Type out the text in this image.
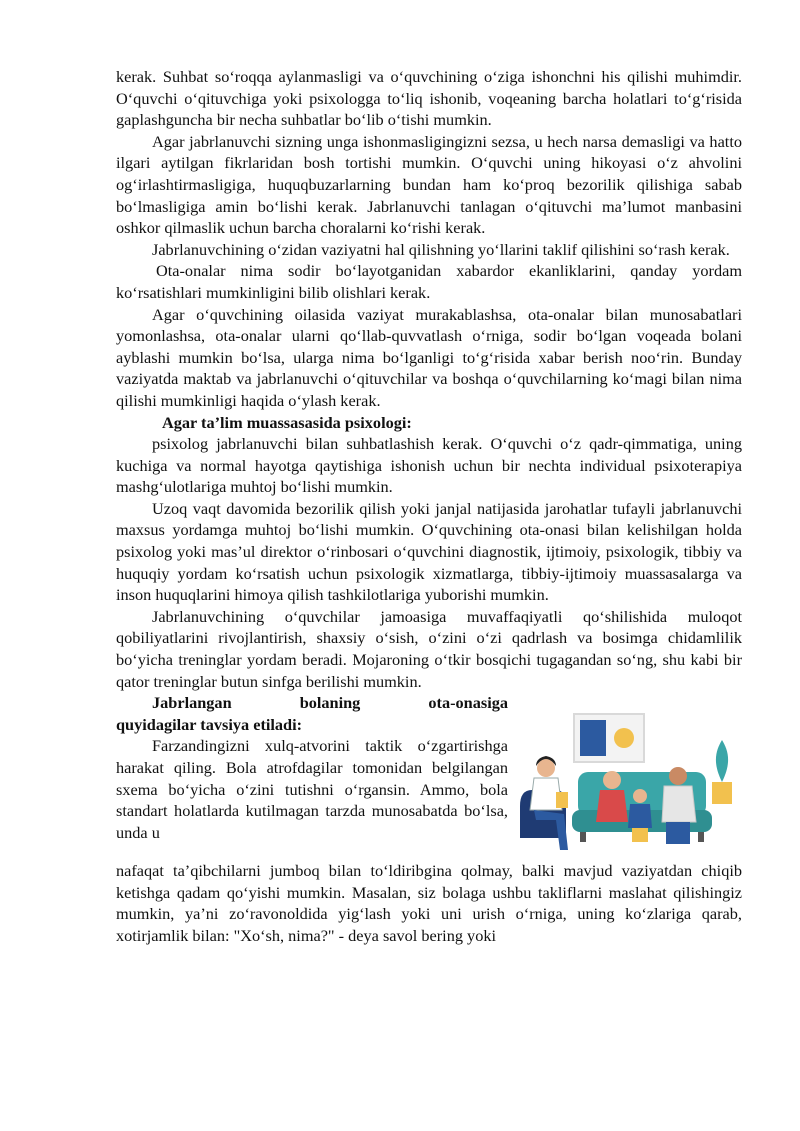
kerak. Suhbat so‘roqqa aylanmasligi va o‘quvchining o‘ziga ishonchni his qilishi muhimdir. O‘quvchi o‘qituvchiga yoki psixologga to‘liq ishonib, voqeaning barcha holatlari to‘g‘risida gaplashguncha bir necha suhbatlar bo‘lib o‘tishi mumkin.

Agar jabrlanuvchi sizning unga ishonmasligingizni sezsa, u hech narsa demasligi va hatto ilgari aytilgan fikrlaridan bosh tortishi mumkin. O‘quvchi uning hikoyasi o‘z ahvolini og‘irlashtirmasligiga, huquqbuzarlarning bundan ham ko‘proq bezorilik qilishiga sabab bo‘lmasligiga amin bo‘lishi kerak. Jabrlanuvchi tanlagan o‘qituvchi ma’lumot manbasini oshkor qilmaslik uchun barcha choralarni ko‘rishi kerak.

Jabrlanuvchining o‘zidan vaziyatni hal qilishning yo‘llarini taklif qilishini so‘rash kerak.

Ota-onalar nima sodir bo‘layotganidan xabardor ekanliklarini, qanday yordam ko‘rsatishlari mumkinligini bilib olishlari kerak.

Agar o‘quvchining oilasida vaziyat murakablashsa, ota-onalar bilan munosabatlari yomonlashsa, ota-onalar ularni qo‘llab-quvvatlash o‘rniga, sodir bo‘lgan voqeada bolani ayblashi mumkin bo‘lsa, ularga nima bo‘lganligi to‘g‘risida xabar berish noo‘rin. Bunday vaziyatda maktab va jabrlanuvchi o‘qituvchilar va boshqa o‘quvchilarning ko‘magi bilan nima qilishi mumkinligi haqida o‘ylash kerak.

Agar ta’lim muassasasida psixologi:

psixolog jabrlanuvchi bilan suhbatlashish kerak. O‘quvchi o‘z qadr-qimmatiga, uning kuchiga va normal hayotga qaytishiga ishonish uchun bir nechta individual psixoterapiya mashg‘ulotlariga muhtoj bo‘lishi mumkin.

Uzoq vaqt davomida bezorilik qilish yoki janjal natijasida jarohatlar tufayli jabrlanuvchi maxsus yordamga muhtoj bo‘lishi mumkin. O‘quvchining ota-onasi bilan kelishilgan holda psixolog yoki mas’ul direktor o‘rinbosari o‘quvchini diagnostik, ijtimoiy, psixologik, tibbiy va huquqiy yordam ko‘rsatish uchun psixologik xizmatlarga, tibbiy-ijtimoiy muassasalarga va inson huquqlarini himoya qilish tashkilotlariga yuborishi mumkin.

Jabrlanuvchining o‘quvchilar jamoasiga muvaffaqiyatli qo‘shilishida muloqot qobiliyatlarini rivojlantirish, shaxsiy o‘sish, o‘zini o‘zi qadrlash va bosimga chidamlilik bo‘yicha treninglar yordam beradi. Mojaroning o‘tkir bosqichi tugagandan so‘ng, shu kabi bir qator treninglar butun sinfga berilishi mumkin.

Jabrlangan bolaning ota-onasiga

quyidagilar tavsiya etiladi:

Farzandingizni xulq-atvorini taktik o‘zgartirishga harakat qiling. Bola atrofdagilar tomonidan belgilangan sxema bo‘yicha o‘zini tutishni o‘rgansin. Ammo, bola standart holatlarda kutilmagan tarzda munosabatda bo‘lsa, unda u

nafaqat ta’qibchilarni jumboq bilan to‘ldiribgina qolmay, balki mavjud vaziyatdan chiqib ketishga qadam qo‘yishi mumkin. Masalan, siz bolaga ushbu takliflarni maslahat qilishingiz mumkin, ya’ni zo‘ravonoldida yig‘lash yoki uni urish o‘rniga, uning ko‘zlariga qarab, xotirjamlik bilan: "Xo‘sh, nima?" - deya savol bering yoki
